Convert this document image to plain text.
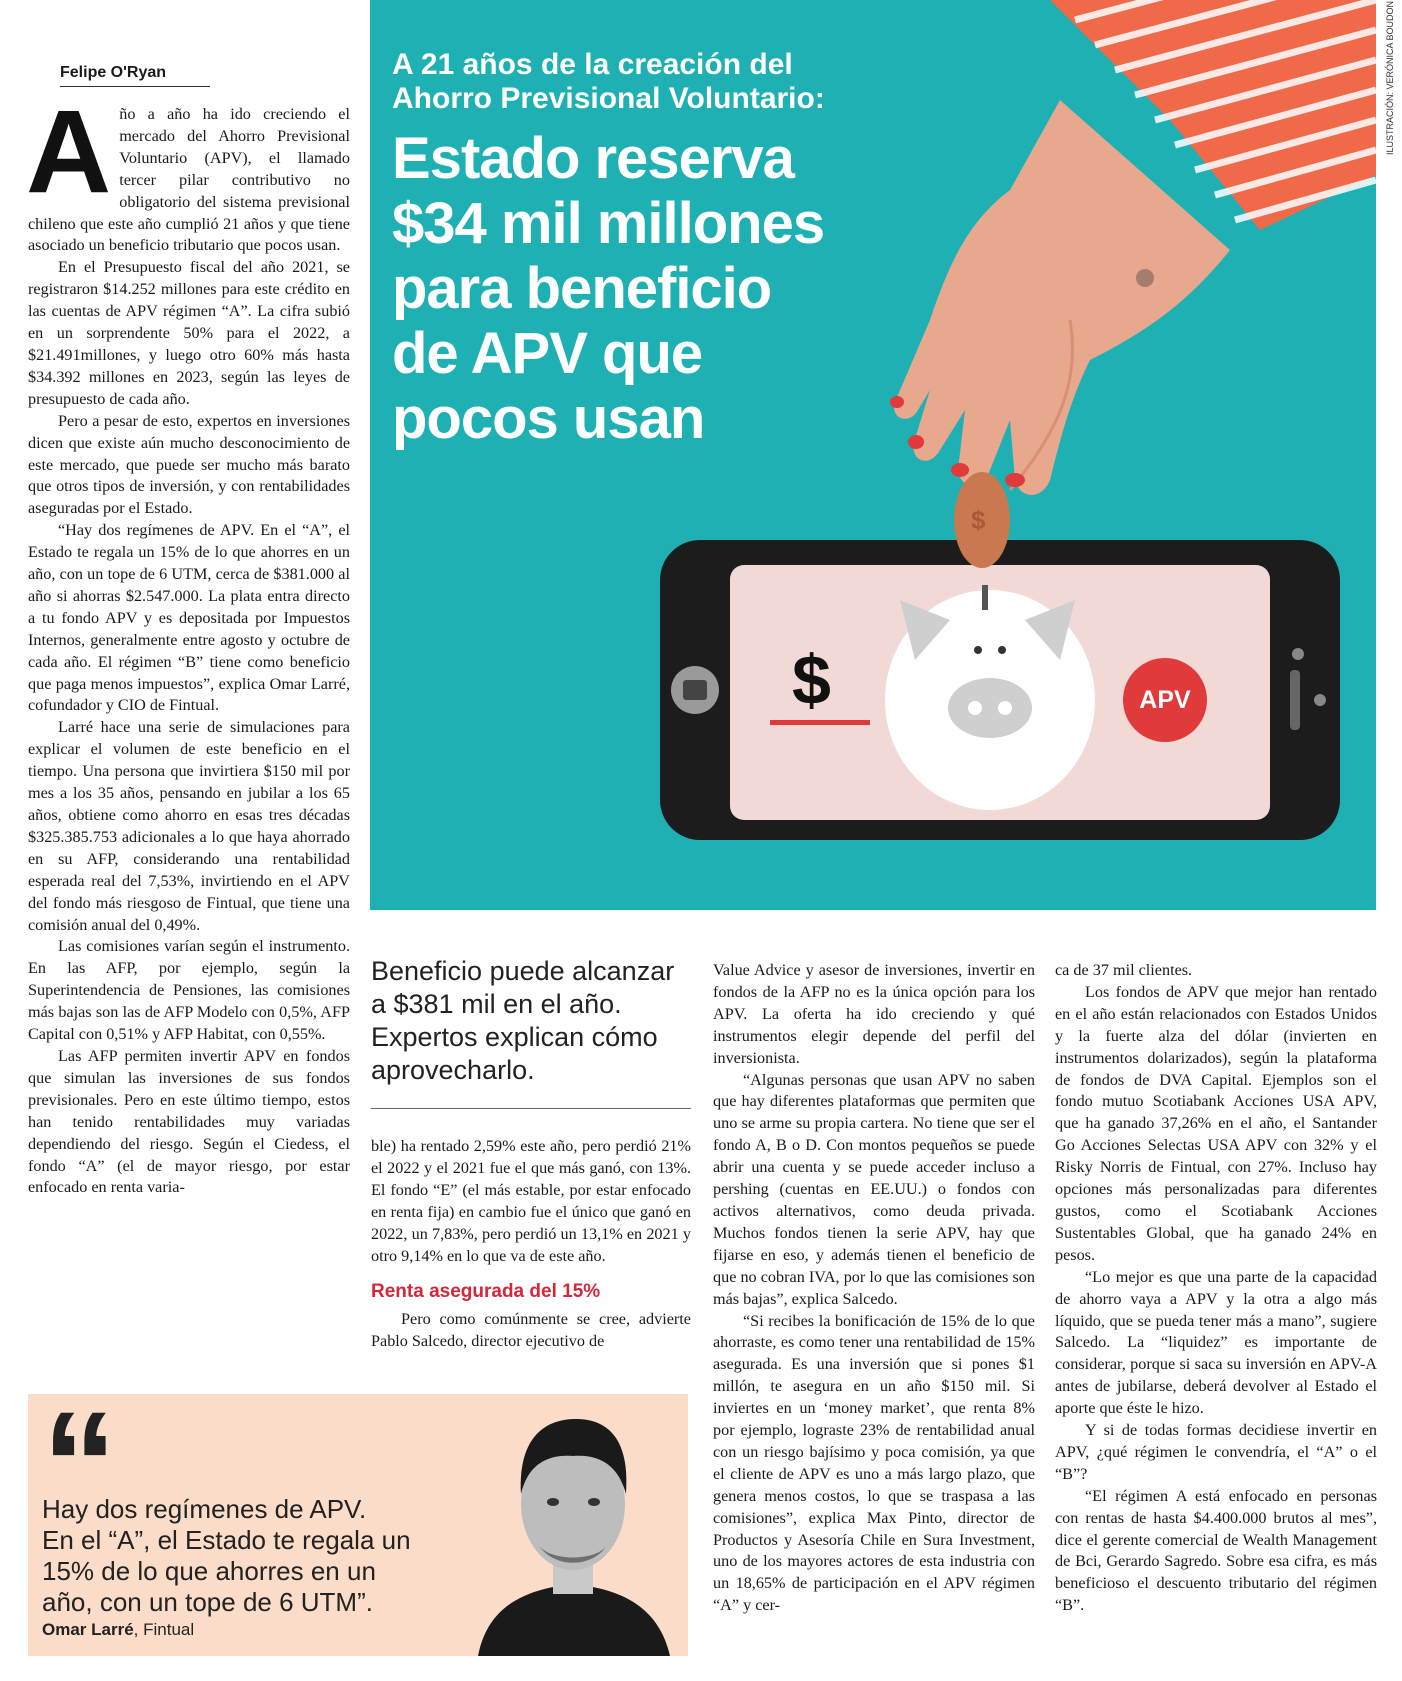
Felipe O'Ryan
A ño a año ha ido creciendo el mercado del Ahorro Previsional Voluntario (APV), el llamado tercer pilar contributivo no obligatorio del sistema previsional chileno que este año cumplió 21 años y que tiene asociado un beneficio tributario que pocos usan.

En el Presupuesto fiscal del año 2021, se registraron $14.252 millones para este crédito en las cuentas de APV régimen “A”. La cifra subió en un sorprendente 50% para el 2022, a $21.491millones, y luego otro 60% más hasta $34.392 millones en 2023, según las leyes de presupuesto de cada año.

Pero a pesar de esto, expertos en inversiones dicen que existe aún mucho desconocimiento de este mercado, que puede ser mucho más barato que otros tipos de inversión, y con rentabilidades aseguradas por el Estado.

“Hay dos regímenes de APV. En el “A”, el Estado te regala un 15% de lo que ahorres en un año, con un tope de 6 UTM, cerca de $381.000 al año si ahorras $2.547.000. La plata entra directo a tu fondo APV y es depositada por Impuestos Internos, generalmente entre agosto y octubre de cada año. El régimen “B” tiene como beneficio que paga menos impuestos”, explica Omar Larré, cofundador y CIO de Fintual.

Larré hace una serie de simulaciones para explicar el volumen de este beneficio en el tiempo. Una persona que invirtiera $150 mil por mes a los 35 años, pensando en jubilar a los 65 años, obtiene como ahorro en esas tres décadas $325.385.753 adicionales a lo que haya ahorrado en su AFP, considerando una rentabilidad esperada real del 7,53%, invirtiendo en el APV del fondo más riesgoso de Fintual, que tiene una comisión anual del 0,49%.

Las comisiones varían según el instrumento. En las AFP, por ejemplo, según la Superintendencia de Pensiones, las comisiones más bajas son las de AFP Modelo con 0,5%, AFP Capital con 0,51% y AFP Habitat, con 0,55%.

Las AFP permiten invertir APV en fondos que simulan las inversiones de sus fondos previsionales. Pero en este último tiempo, estos han tenido rentabilidades muy variadas dependiendo del riesgo. Según el Ciedess, el fondo “A” (el de mayor riesgo, por estar enfocado en renta varia-

A 21 años de la creación del
Ahorro Previsional Voluntario:
Estado reserva
$34 mil millones
para beneficio
de APV que
pocos usan
$
$
APV
ILUSTRACIÓN: VERÓNICA BOUDON
Beneficio puede alcanzar
a $381 mil en el año.
Expertos explican cómo
aprovecharlo.

ble) ha rentado 2,59% este año, pero perdió 21% el 2022 y el 2021 fue el que más ganó, con 13%. El fondo “E” (el más estable, por estar enfocado en renta fija) en cambio fue el único que ganó en 2022, un 7,83%, pero perdió un 13,1% en 2021 y otro 9,14% en lo que va de este año.

Renta asegurada del 15%

Pero como comúnmente se cree, advierte Pablo Salcedo, director ejecutivo de

Value Advice y asesor de inversiones, invertir en fondos de la AFP no es la única opción para los APV. La oferta ha ido creciendo y qué instrumentos elegir depende del perfil del inversionista.

“Algunas personas que usan APV no saben que hay diferentes plataformas que permiten que uno se arme su propia cartera. No tiene que ser el fondo A, B o D. Con montos pequeños se puede abrir una cuenta y se puede acceder incluso a pershing (cuentas en EE.UU.) o fondos con activos alternativos, como deuda privada. Muchos fondos tienen la serie APV, hay que fijarse en eso, y además tienen el beneficio de que no cobran IVA, por lo que las comisiones son más bajas”, explica Salcedo.

“Si recibes la bonificación de 15% de lo que ahorraste, es como tener una rentabilidad de 15% asegurada. Es una inversión que si pones $1 millón, te asegura en un año $150 mil. Si inviertes en un ‘money market’, que renta 8% por ejemplo, lograste 23% de rentabilidad anual con un riesgo bajísimo y poca comisión, ya que el cliente de APV es uno a más largo plazo, que genera menos costos, lo que se traspasa a las comisiones”, explica Max Pinto, director de Productos y Asesoría Chile en Sura Investment, uno de los mayores actores de esta industria con un 18,65% de participación en el APV régimen “A” y cer-

ca de 37 mil clientes.

Los fondos de APV que mejor han rentado en el año están relacionados con Estados Unidos y la fuerte alza del dólar (invierten en instrumentos dolarizados), según la plataforma de fondos de DVA Capital. Ejemplos son el fondo mutuo Scotiabank Acciones USA APV, que ha ganado 37,26% en el año, el Santander Go Acciones Selectas USA APV con 32% y el Risky Norris de Fintual, con 27%. Incluso hay opciones más personalizadas para diferentes gustos, como el Scotiabank Acciones Sustentables Global, que ha ganado 24% en pesos.

“Lo mejor es que una parte de la capacidad de ahorro vaya a APV y la otra a algo más líquido, que se pueda tener más a mano”, sugiere Salcedo. La “liquidez” es importante de considerar, porque si saca su inversión en APV-A antes de jubilarse, deberá devolver al Estado el aporte que éste le hizo.

Y si de todas formas decidiese invertir en APV, ¿qué régimen le convendría, el “A” o el “B”?

“El régimen A está enfocado en personas con rentas de hasta $4.400.000 brutos al mes”, dice el gerente comercial de Wealth Management de Bci, Gerardo Sagredo. Sobre esa cifra, es más beneficioso el descuento tributario del régimen “B”.

“
Hay dos regímenes de APV.
En el “A”, el Estado te regala un
15% de lo que ahorres en un
año, con un tope de 6 UTM”.
Omar Larré, Fintual
